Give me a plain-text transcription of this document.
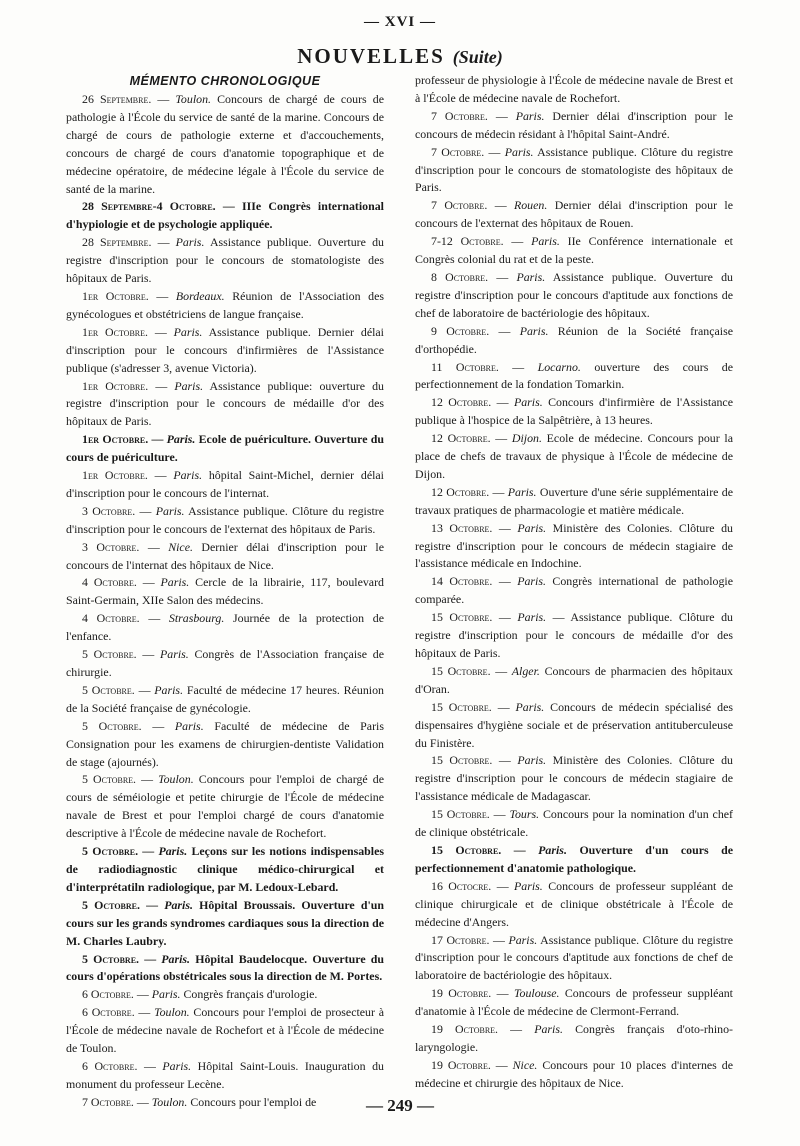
— XVI —
NOUVELLES (Suite)
MÉMENTO CHRONOLOGIQUE

26 Septembre. — Toulon. Concours de chargé de cours de pathologie à l'École du service de santé de la marine. Concours de chargé de cours de pathologie externe et d'accouchements, concours de chargé de cours d'anatomie topographique et de médecine opératoire, de médecine légale à l'École du service de santé de la marine.

28 Septembre-4 Octobre. — IIIe Congrès international d'hypiologie et de psychologie appliquée.

28 Septembre. — Paris. Assistance publique. Ouverture du registre d'inscription pour le concours de stomatologiste des hôpitaux de Paris.

1er Octobre. — Bordeaux. Réunion de l'Association des gynécologues et obstétriciens de langue française.

1er Octobre. — Paris. Assistance publique. Dernier délai d'inscription pour le concours d'infirmières de l'Assistance publique (s'adresser 3, avenue Victoria).

1er Octobre. — Paris. Assistance publique: ouverture du registre d'inscription pour le concours de médaille d'or des hôpitaux de Paris.

1er Octobre. — Paris. Ecole de puériculture. Ouverture du cours de puériculture.

1er Octobre. — Paris. hôpital Saint-Michel, dernier délai d'inscription pour le concours de l'internat.

3 Octobre. — Paris. Assistance publique. Clôture du registre d'inscription pour le concours de l'externat des hôpitaux de Paris.

3 Octobre. — Nice. Dernier délai d'inscription pour le concours de l'internat des hôpitaux de Nice.

4 Octobre. — Paris. Cercle de la librairie, 117, boulevard Saint-Germain, XIIe Salon des médecins.

4 Octobre. — Strasbourg. Journée de la protection de l'enfance.

5 Octobre. — Paris. Congrès de l'Association française de chirurgie.

5 Octobre. — Paris. Faculté de médecine 17 heures. Réunion de la Société française de gynécologie.

5 Octobre. — Paris. Faculté de médecine de Paris Consignation pour les examens de chirurgien-dentiste Validation de stage (ajournés).

5 Octobre. — Toulon. Concours pour l'emploi de chargé de cours de séméiologie et petite chirurgie de l'École de médecine navale de Brest et pour l'emploi chargé de cours d'anatomie descriptive à l'École de médecine navale de Rochefort.

5 Octobre. — Paris. Leçons sur les notions indispensables de radiodiagnostic clinique médico-chirurgical et d'interprétatiln radiologique, par M. Ledoux-Lebard.

5 Octobre. — Paris. Hôpital Broussais. Ouverture d'un cours sur les grands syndromes cardiaques sous la direction de M. Charles Laubry.

5 Octobre. — Paris. Hôpital Baudelocque. Ouverture du cours d'opérations obstétricales sous la direction de M. Portes.

6 Octobre. — Paris. Congrès français d'urologie.

6 Octobre. — Toulon. Concours pour l'emploi de prosecteur à l'École de médecine navale de Rochefort et à l'École de médecine de Toulon.

6 Octobre. — Paris. Hôpital Saint-Louis. Inauguration du monument du professeur Lecène.

7 Octobre. — Toulon. Concours pour l'emploi de

professeur de physiologie à l'École de médecine navale de Brest et à l'École de médecine navale de Rochefort.

7 Octobre. — Paris. Dernier délai d'inscription pour le concours de médecin résidant à l'hôpital Saint-André.

7 Octobre. — Paris. Assistance publique. Clôture du registre d'inscription pour le concours de stomatologiste des hôpitaux de Paris.

7 Octobre. — Rouen. Dernier délai d'inscription pour le concours de l'externat des hôpitaux de Rouen.

7-12 Octobre. — Paris. IIe Conférence internationale et Congrès colonial du rat et de la peste.

8 Octobre. — Paris. Assistance publique. Ouverture du registre d'inscription pour le concours d'aptitude aux fonctions de chef de laboratoire de bactériologie des hôpitaux.

9 Octobre. — Paris. Réunion de la Société française d'orthopédie.

11 Octobre. — Locarno. ouverture des cours de perfectionnement de la fondation Tomarkin.

12 Octobre. — Paris. Concours d'infirmière de l'Assistance publique à l'hospice de la Salpêtrière, à 13 heures.

12 Octobre. — Dijon. Ecole de médecine. Concours pour la place de chefs de travaux de physique à l'École de médecine de Dijon.

12 Octobre. — Paris. Ouverture d'une série supplémentaire de travaux pratiques de pharmacologie et matière médicale.

13 Octobre. — Paris. Ministère des Colonies. Clôture du registre d'inscription pour le concours de médecin stagiaire de l'assistance médicale en Indochine.

14 Octobre. — Paris. Congrès international de pathologie comparée.

15 Octobre. — Paris. — Assistance publique. Clôture du registre d'inscription pour le concours de médaille d'or des hôpitaux de Paris.

15 Octobre. — Alger. Concours de pharmacien des hôpitaux d'Oran.

15 Octobre. — Paris. Concours de médecin spécialisé des dispensaires d'hygiène sociale et de préservation antituberculeuse du Finistère.

15 Octobre. — Paris. Ministère des Colonies. Clôture du registre d'inscription pour le concours de médecin stagiaire de l'assistance médicale de Madagascar.

15 Octobre. — Tours. Concours pour la nomination d'un chef de clinique obstétricale.

15 Octobre. — Paris. Ouverture d'un cours de perfectionnement d'anatomie pathologique.

16 Octocre. — Paris. Concours de professeur suppléant de clinique chirurgicale et de clinique obstétricale à l'École de médecine d'Angers.

17 Octobre. — Paris. Assistance publique. Clôture du registre d'inscription pour le concours d'aptitude aux fonctions de chef de laboratoire de bactériologie des hôpitaux.

19 Octobre. — Toulouse. Concours de professeur suppléant d'anatomie à l'École de médecine de Clermont-Ferrand.

19 Octobre. — Paris. Congrès français d'oto-rhino-laryngologie.

19 Octobre. — Nice. Concours pour 10 places d'internes de médecine et chirurgie des hôpitaux de Nice.

— 249 —
